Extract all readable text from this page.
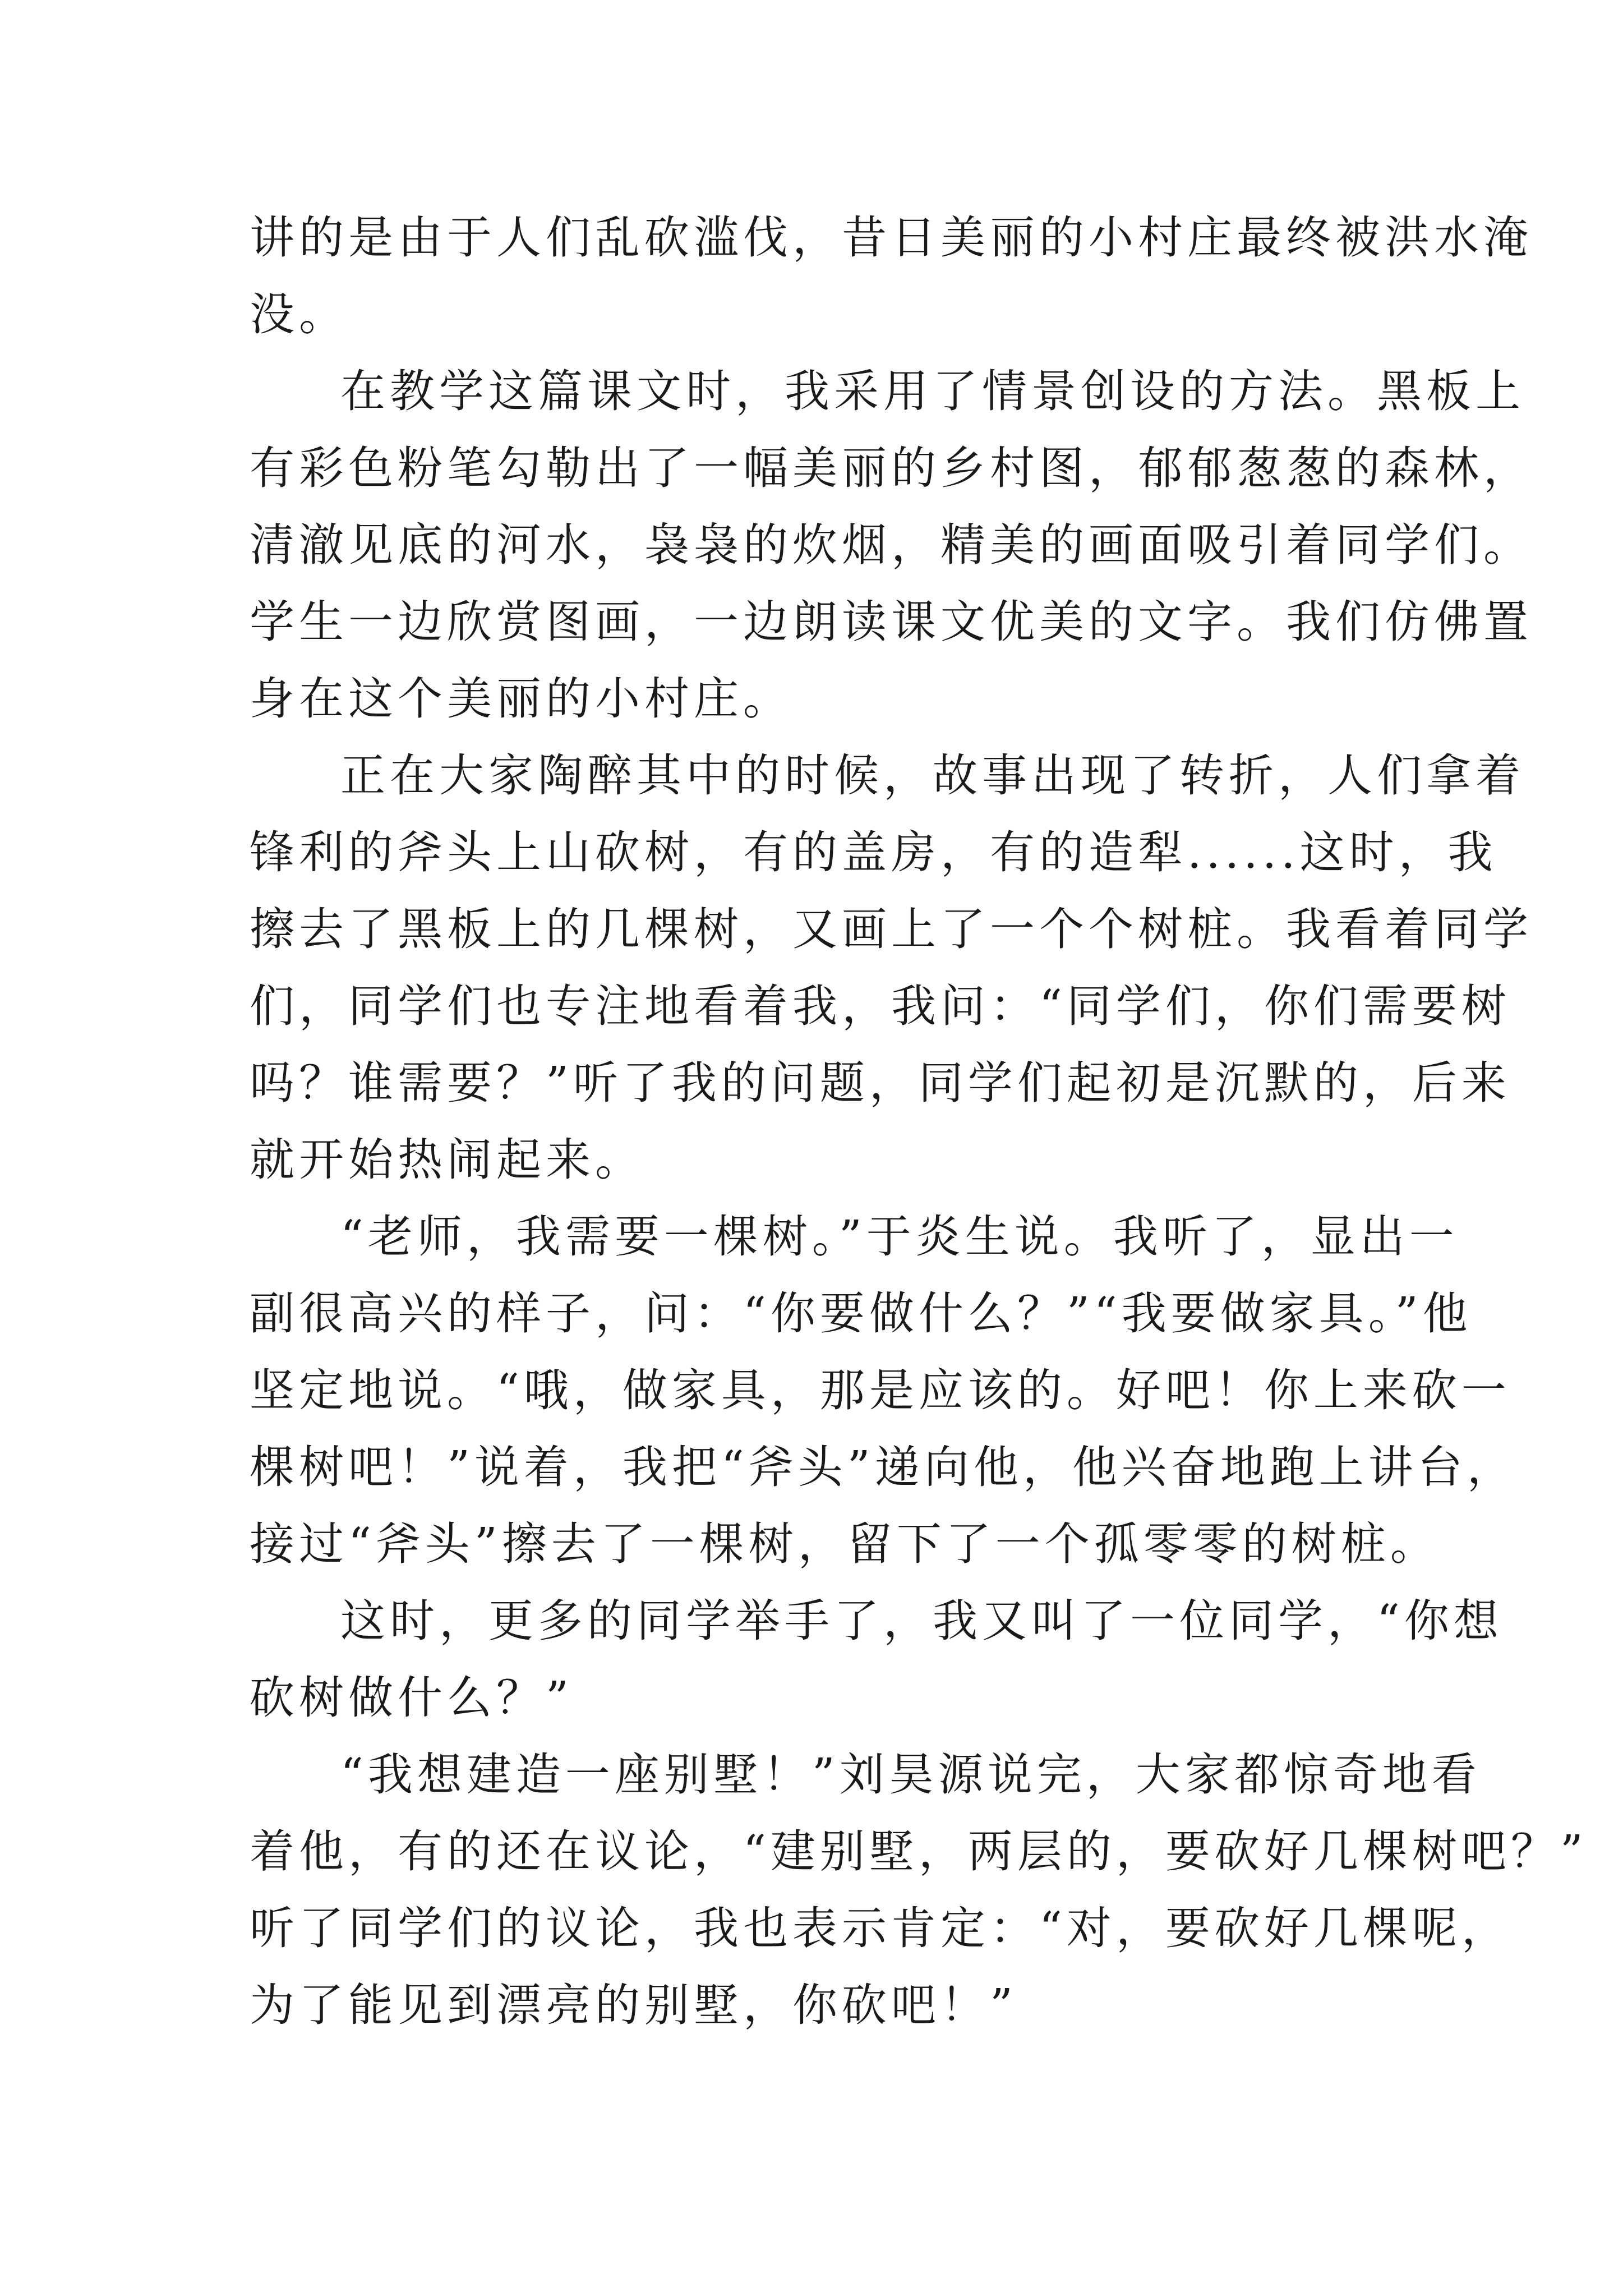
讲的是由于人们乱砍滥伐，昔日美丽的小村庄最终被洪水淹
没。
在教学这篇课文时，我采用了情景创设的方法。黑板上
有彩色粉笔勾勒出了一幅美丽的乡村图，郁郁葱葱的森林，
清澈见底的河水，袅袅的炊烟，精美的画面吸引着同学们。
学生一边欣赏图画，一边朗读课文优美的文字。我们仿佛置
身在这个美丽的小村庄。
正在大家陶醉其中的时候，故事出现了转折，人们拿着
锋利的斧头上山砍树，有的盖房，有的造犁......这时，我
擦去了黑板上的几棵树，又画上了一个个树桩。我看着同学
们，同学们也专注地看着我，我问：“同学们，你们需要树
吗？谁需要？”听了我的问题，同学们起初是沉默的，后来
就开始热闹起来。
“老师，我需要一棵树。”于炎生说。我听了，显出一
副很高兴的样子，问：“你要做什么？”“我要做家具。”他
坚定地说。“哦，做家具，那是应该的。好吧！你上来砍一
棵树吧！”说着，我把“斧头”递向他，他兴奋地跑上讲台，
接过“斧头”擦去了一棵树，留下了一个孤零零的树桩。
这时，更多的同学举手了，我又叫了一位同学，“你想
砍树做什么？”
“我想建造一座别墅！”刘昊源说完，大家都惊奇地看
着他，有的还在议论，“建别墅，两层的，要砍好几棵树吧？”
听了同学们的议论，我也表示肯定：“对，要砍好几棵呢，
为了能见到漂亮的别墅，你砍吧！”
